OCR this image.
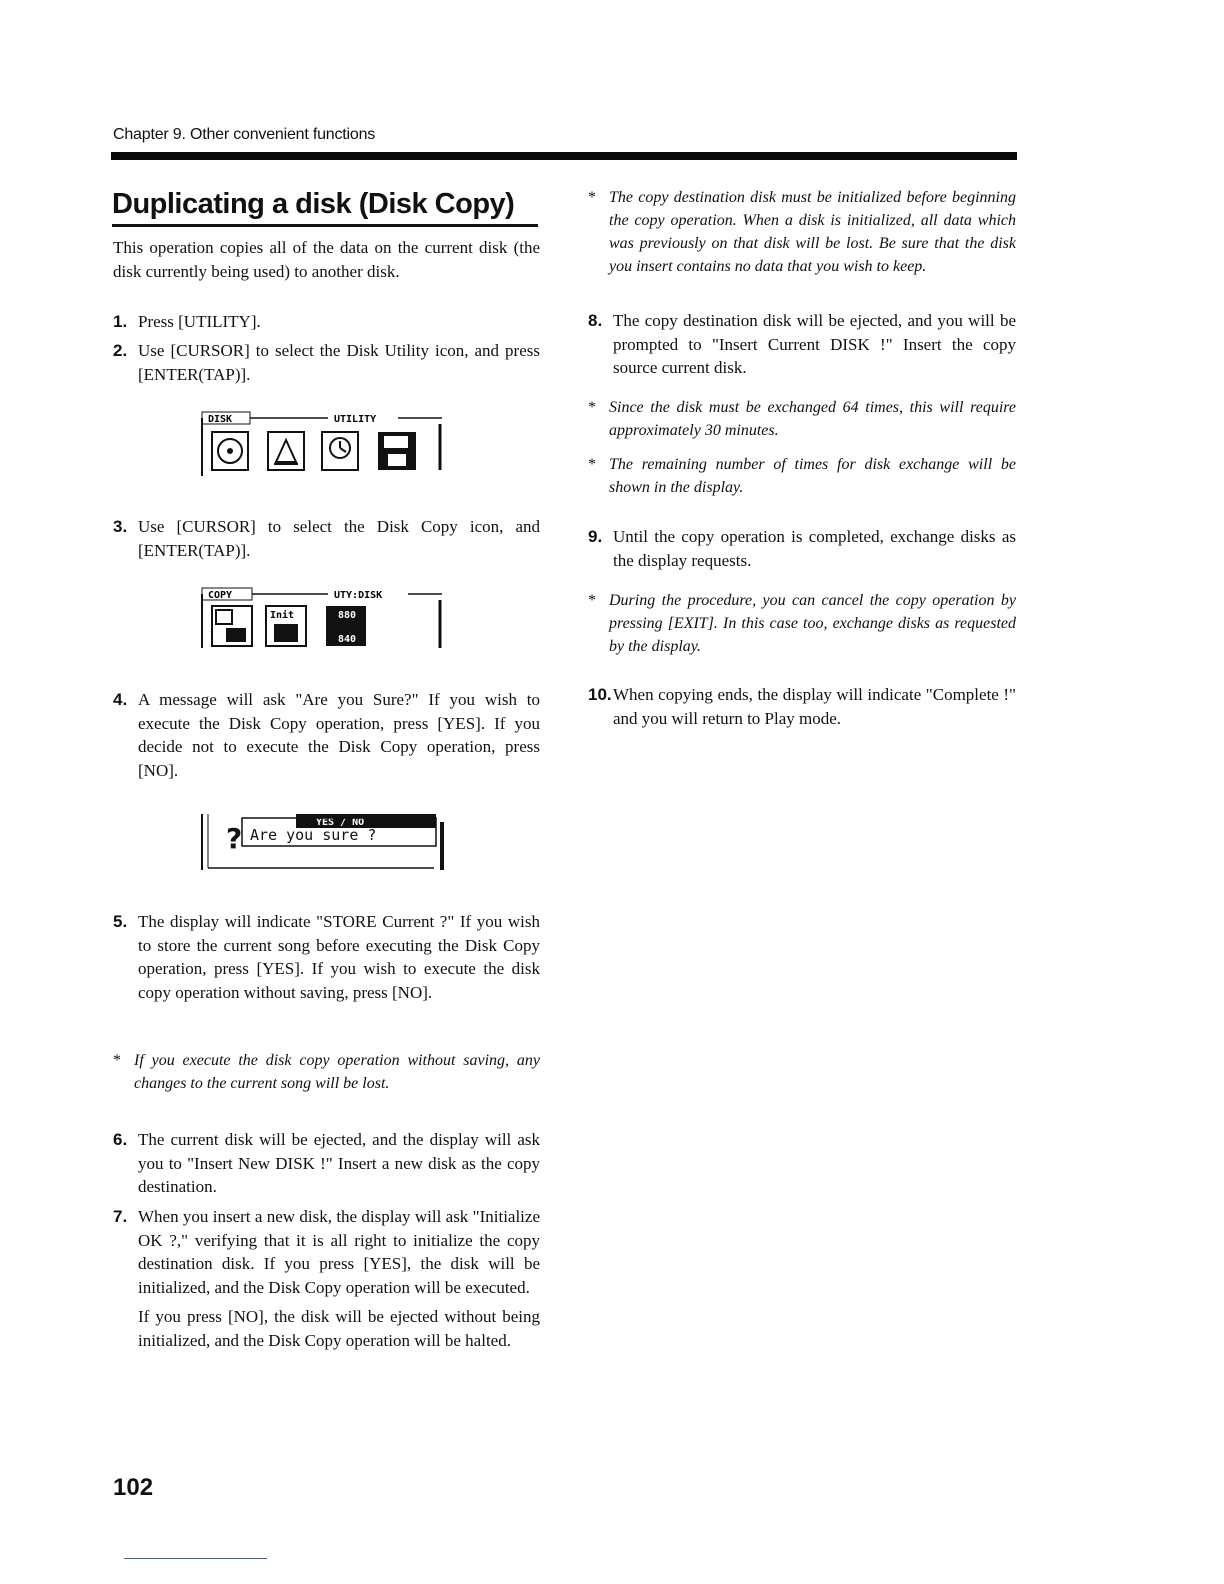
Chapter 9. Other convenient functions
Duplicating a disk (Disk Copy)
This operation copies all of the data on the current disk (the disk currently being used) to another disk.
1. Press [UTILITY].
2. Use [CURSOR] to select the Disk Utility icon, and press [ENTER(TAP)].
DISK	UTILITY
3. Use [CURSOR] to select the Disk Copy icon, and [ENTER(TAP)].
COPY	UTY:DISK
Init	880
840
4. A message will ask "Are you Sure?" If you wish to execute the Disk Copy operation, press [YES]. If you decide not to execute the Disk Copy operation, press [NO].
YES / NO
? Are you sure ?
5. The display will indicate "STORE Current ?" If you wish to store the current song before executing the Disk Copy operation, press [YES]. If you wish to execute the disk copy operation without saving, press [NO].
* If you execute the disk copy operation without saving, any changes to the current song will be lost.
6. The current disk will be ejected, and the display will ask you to "Insert New DISK !" Insert a new disk as the copy destination.
7. When you insert a new disk, the display will ask "Initialize OK ?," verifying that it is all right to initialize the copy destination disk. If you press [YES], the disk will be initialized, and the Disk Copy operation will be executed.
If you press [NO], the disk will be ejected without being initialized, and the Disk Copy operation will be halted.
* The copy destination disk must be initialized before beginning the copy operation. When a disk is initialized, all data which was previously on that disk will be lost. Be sure that the disk you insert contains no data that you wish to keep.
8. The copy destination disk will be ejected, and you will be prompted to "Insert Current DISK !" Insert the copy source current disk.
* Since the disk must be exchanged 64 times, this will require approximately 30 minutes.
* The remaining number of times for disk exchange will be shown in the display.
9. Until the copy operation is completed, exchange disks as the display requests.
* During the procedure, you can cancel the copy operation by pressing [EXIT]. In this case too, exchange disks as requested by the display.
10. When copying ends, the display will indicate "Complete !" and you will return to Play mode.
102
